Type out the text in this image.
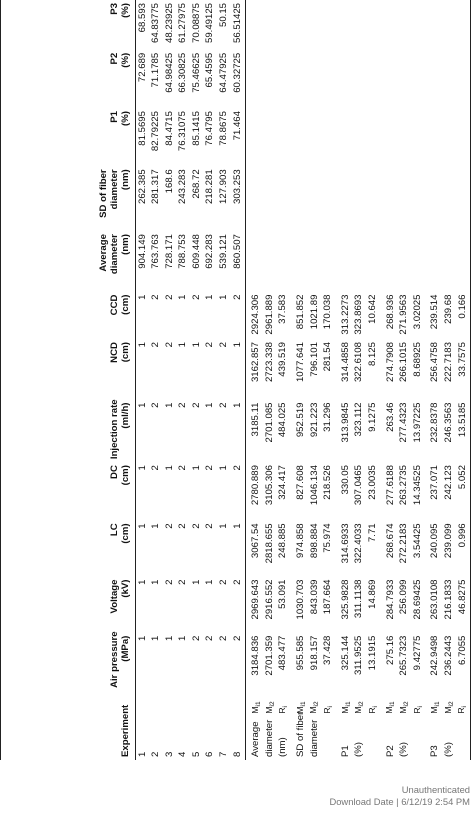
Experiment		Air pressure (MPa)	Voltage (kV)	LC (cm)	DC (cm)	Injection rate (ml/h)	NCD (cm)	CCD (cm)	Average diameter (nm)	SD of fiber diameter (nm)	P1 (%)	P2 (%)	P3 (%)

1		1	1	1	1	1	1	1	904.149	262.385	81.5695	72.689	68.593
2		1	1	1	2	2	2	2	763.763	281.317	82.79225	71.1785	64.83775
3		1	2	2	1	1	2	2	728.171	168.6	84.4715	64.98425	48.23925
4		1	2	2	2	2	1	1	788.753	243.283	76.31075	66.30825	61.27975
5		2	1	2	1	2	1	2	609.448	268.72	85.1415	75.46625	70.08875
6		2	1	2	2	1	2	1	692.283	218.281	76.4795	65.4595	59.49125
7		2	2	1	1	2	2	1	539.121	127.903	78.8675	64.47925	50.15
8		2	2	1	2	1	1	2	860.507	303.253	71.464	60.32725	56.51425
Average	$M_{i1}$	3184.836	2969.643	3067.54	2780.889	3185.11	3162.857	2924.306					
diameter	$M_{i2}$	2701.359	2916.552	2818.655	3105.306	2701.085	2723.338	2961.889					
(nm)	$R_i$	483.477	53.091	248.885	324.417	484.025	439.519	37.583					
SD of fiber	$M_{i1}$	955.585	1030.703	974.858	827.608	952.519	1077.641	851.852					
diameter	$M_{i2}$	918.157	843.039	898.884	1046.134	921.223	796.101	1021.89					
	$R_i$	37.428	187.664	75.974	218.526	31.296	281.54	170.038					
P1	$M_{i1}$	325.144	325.9828	314.6933	330.05	313.9845	314.4858	313.2273					
(%)	$M_{i2}$	311.9525	311.1138	322.4033	307.0465	323.112	322.6108	323.8693					
	$R_i$	13.1915	14.869	7.71	23.0035	9.1275	8.125	10.642					
P2	$M_{i1}$	275.16	284.7933	268.674	277.6188	263.46	274.7908	268.936					
(%)	$M_{i2}$	265.7323	256.099	272.2183	263.2735	277.4323	266.1015	271.9563					
	$R_i$	9.42775	28.69425	3.54425	14.34525	13.97225	8.68925	3.02025					
P3	$M_{i1}$	242.9498	263.0108	240.095	237.071	232.8378	256.4758	239.514					
(%)	$M_{i2}$	236.2443	216.1833	239.099	242.123	246.3563	222.7183	239.68					
	$R_i$	6.7055	46.8275	0.996	5.052	13.5185	33.7575	0.166					
Unauthenticated
Download Date | 6/12/19 2:54 PM
